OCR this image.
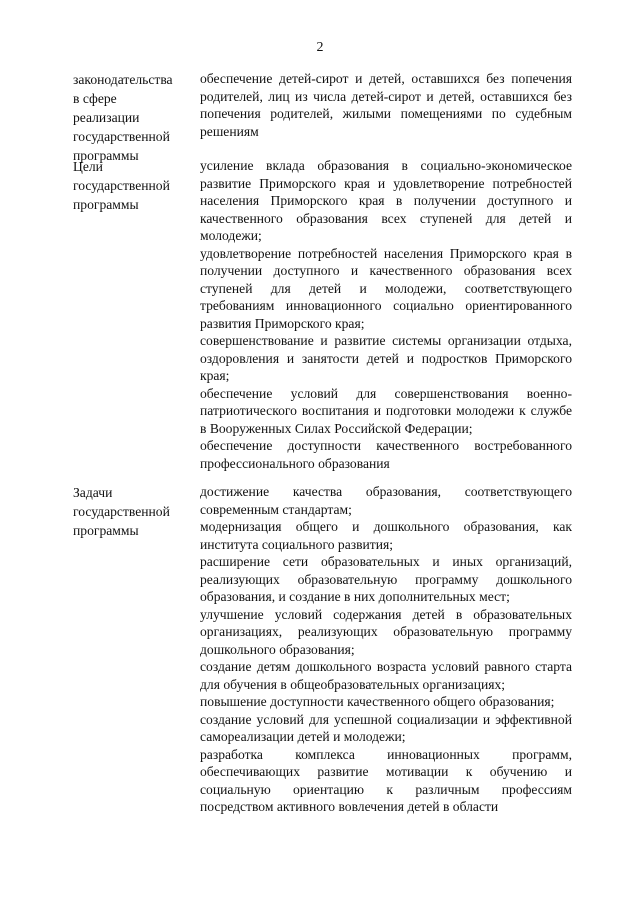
2
законодательства
в сфере
реализации
государственной
программы

обеспечение детей-сирот и детей, оставшихся без попечения родителей, лиц из числа детей-сирот и детей, оставшихся без попечения родителей, жилыми помещениями по судебным решениям

Цели
государственной
программы

усиление вклада образования в социально-экономическое развитие Приморского края и удовлетворение потребностей населения Приморского края в получении доступного и качественного образования всех ступеней для детей и молодежи;

удовлетворение потребностей населения Приморского края в получении доступного и качественного образования всех ступеней для детей и молодежи, соответствующего требованиям инновационного социально ориентированного развития Приморского края;

совершенствование и развитие системы организации отдыха, оздоровления и занятости детей и подростков Приморского края;

обеспечение условий для совершенствования военно-патриотического воспитания и подготовки молодежи к службе в Вооруженных Силах Российской Федерации;

обеспечение доступности качественного востребованного профессионального образования

Задачи
государственной
программы

достижение качества образования, соответствующего современным стандартам;

модернизация общего и дошкольного образования, как института социального развития;

расширение сети образовательных и иных организаций, реализующих образовательную программу дошкольного образования, и создание в них дополнительных мест;

улучшение условий содержания детей в образовательных организациях, реализующих образовательную программу дошкольного образования;

создание детям дошкольного возраста условий равного старта для обучения в общеобразовательных организациях;

повышение доступности качественного общего образования;

создание условий для успешной социализации и эффективной самореализации детей и молодежи;

разработка комплекса инновационных программ, обеспечивающих развитие мотивации к обучению и социальную ориентацию к различным профессиям посредством активного вовлечения детей в области
